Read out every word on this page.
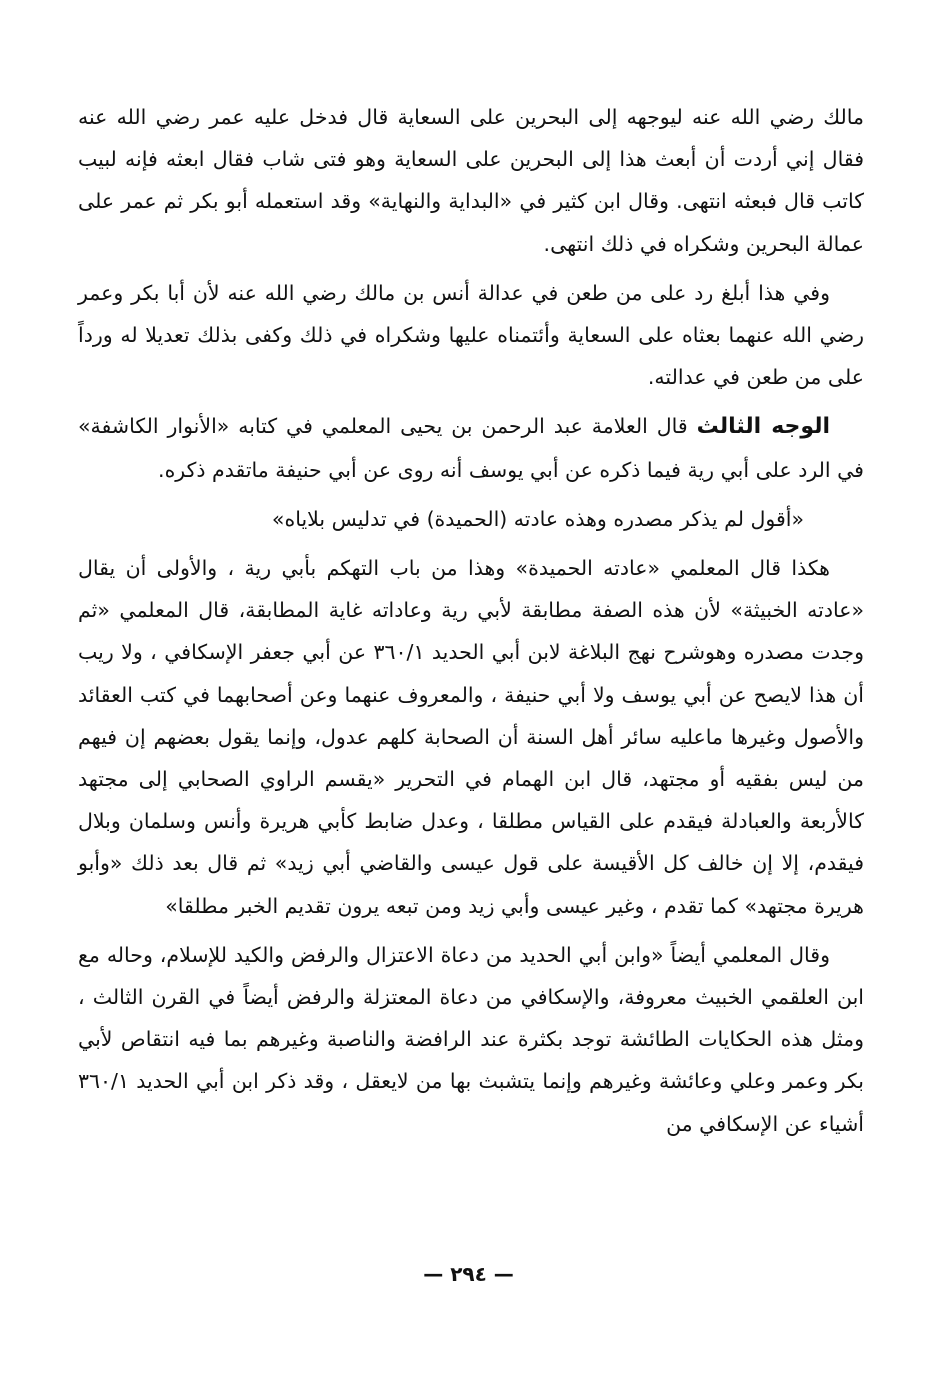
مالك رضي الله عنه ليوجهه إلى البحرين على السعاية قال فدخل عليه عمر رضي الله عنه فقال إني أردت أن أبعث هذا إلى البحرين على السعاية وهو فتى شاب فقال ابعثه فإنه لبيب كاتب قال فبعثه انتهى. وقال ابن كثير في «البداية والنهاية» وقد استعمله أبو بكر ثم عمر على عمالة البحرين وشكراه في ذلك انتهى.

وفي هذا أبلغ رد على من طعن في عدالة أنس بن مالك رضي الله عنه لأن أبا بكر وعمر رضي الله عنهما بعثاه على السعاية وأئتمناه عليها وشكراه في ذلك وكفى بذلك تعديلا له ورداً على من طعن في عدالته.

الوجه الثالث قال العلامة عبد الرحمن بن يحيى المعلمي في كتابه «الأنوار الكاشفة» في الرد على أبي رية فيما ذكره عن أبي يوسف أنه روى عن أبي حنيفة ماتقدم ذكره.

«أقول لم يذكر مصدره وهذه عادته (الحميدة) في تدليس بلاياه»

هكذا قال المعلمي «عادته الحميدة» وهذا من باب التهكم بأبي رية ، والأولى أن يقال «عادته الخبيثة» لأن هذه الصفة مطابقة لأبي رية وعاداته غاية المطابقة، قال المعلمي «ثم وجدت مصدره وهوشرح نهج البلاغة لابن أبي الحديد ٣٦٠/١ عن أبي جعفر الإسكافي ، ولا ريب أن هذا لايصح عن أبي يوسف ولا أبي حنيفة ، والمعروف عنهما وعن أصحابهما في كتب العقائد والأصول وغيرها ماعليه سائر أهل السنة أن الصحابة كلهم عدول، وإنما يقول بعضهم إن فيهم من ليس بفقيه أو مجتهد، قال ابن الهمام في التحرير «يقسم الراوي الصحابي إلى مجتهد كالأربعة والعبادلة فيقدم على القياس مطلقا ، وعدل ضابط كأبي هريرة وأنس وسلمان وبلال فيقدم، إلا إن خالف كل الأقيسة على قول عيسى والقاضي أبي زيد» ثم قال بعد ذلك «وأبو هريرة مجتهد» كما تقدم ، وغير عيسى وأبي زيد ومن تبعه يرون تقديم الخبر مطلقا»

وقال المعلمي أيضاً «وابن أبي الحديد من دعاة الاعتزال والرفض والكيد للإسلام، وحاله مع ابن العلقمي الخبيث معروفة، والإسكافي من دعاة المعتزلة والرفض أيضاً في القرن الثالث ، ومثل هذه الحكايات الطائشة توجد بكثرة عند الرافضة والناصبة وغيرهم بما فيه انتقاص لأبي بكر وعمر وعلي وعائشة وغيرهم وإنما يتشبث بها من لايعقل ، وقد ذكر ابن أبي الحديد ٣٦٠/١ أشياء عن الإسكافي من

— ٢٩٤ —
